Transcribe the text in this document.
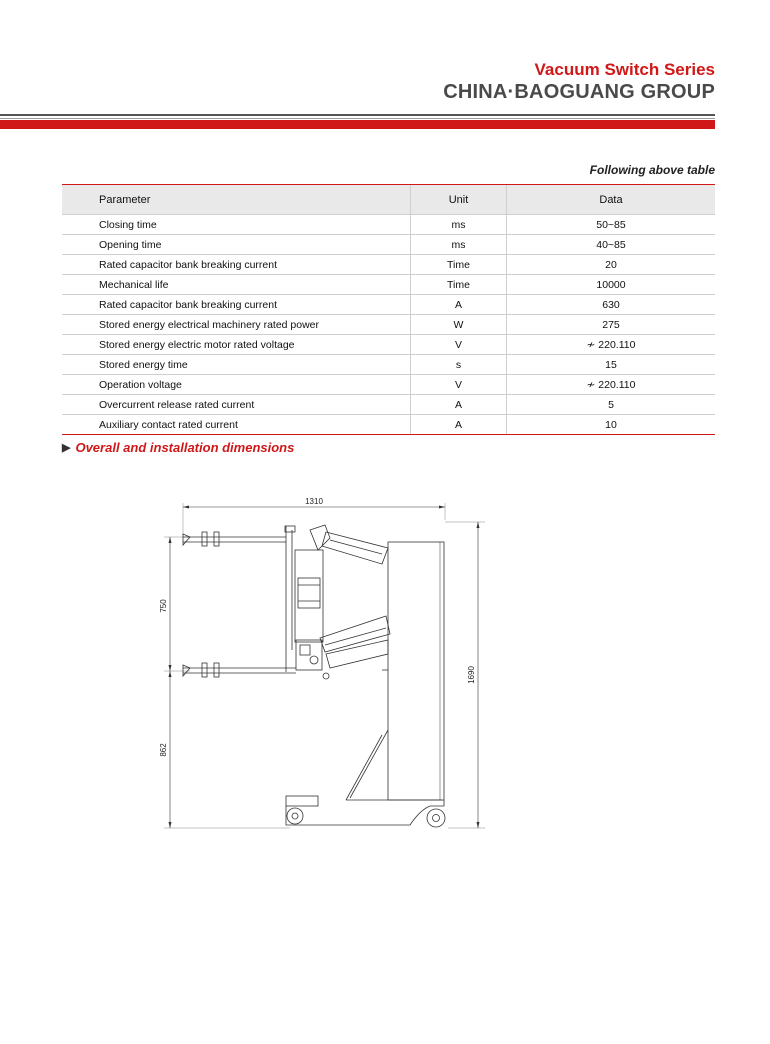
Vacuum Switch Series
CHINA·BAOGUANG GROUP
Following above table
Parameter	Unit	Data
Closing time	ms	50~85
Opening time	ms	40~85
Rated capacitor bank breaking current	Time	20
Mechanical life	Time	10000
Rated capacitor bank breaking current	A	630
Stored energy electrical machinery rated power	W	275
Stored energy electric motor rated voltage	V	≁ 220.110
Stored energy time	s	15
Operation voltage	V	≁ 220.110
Overcurrent release rated current	A	5
Auxiliary contact rated current	A	10
▶ Overall and installation dimensions
1310
750
862
1690
